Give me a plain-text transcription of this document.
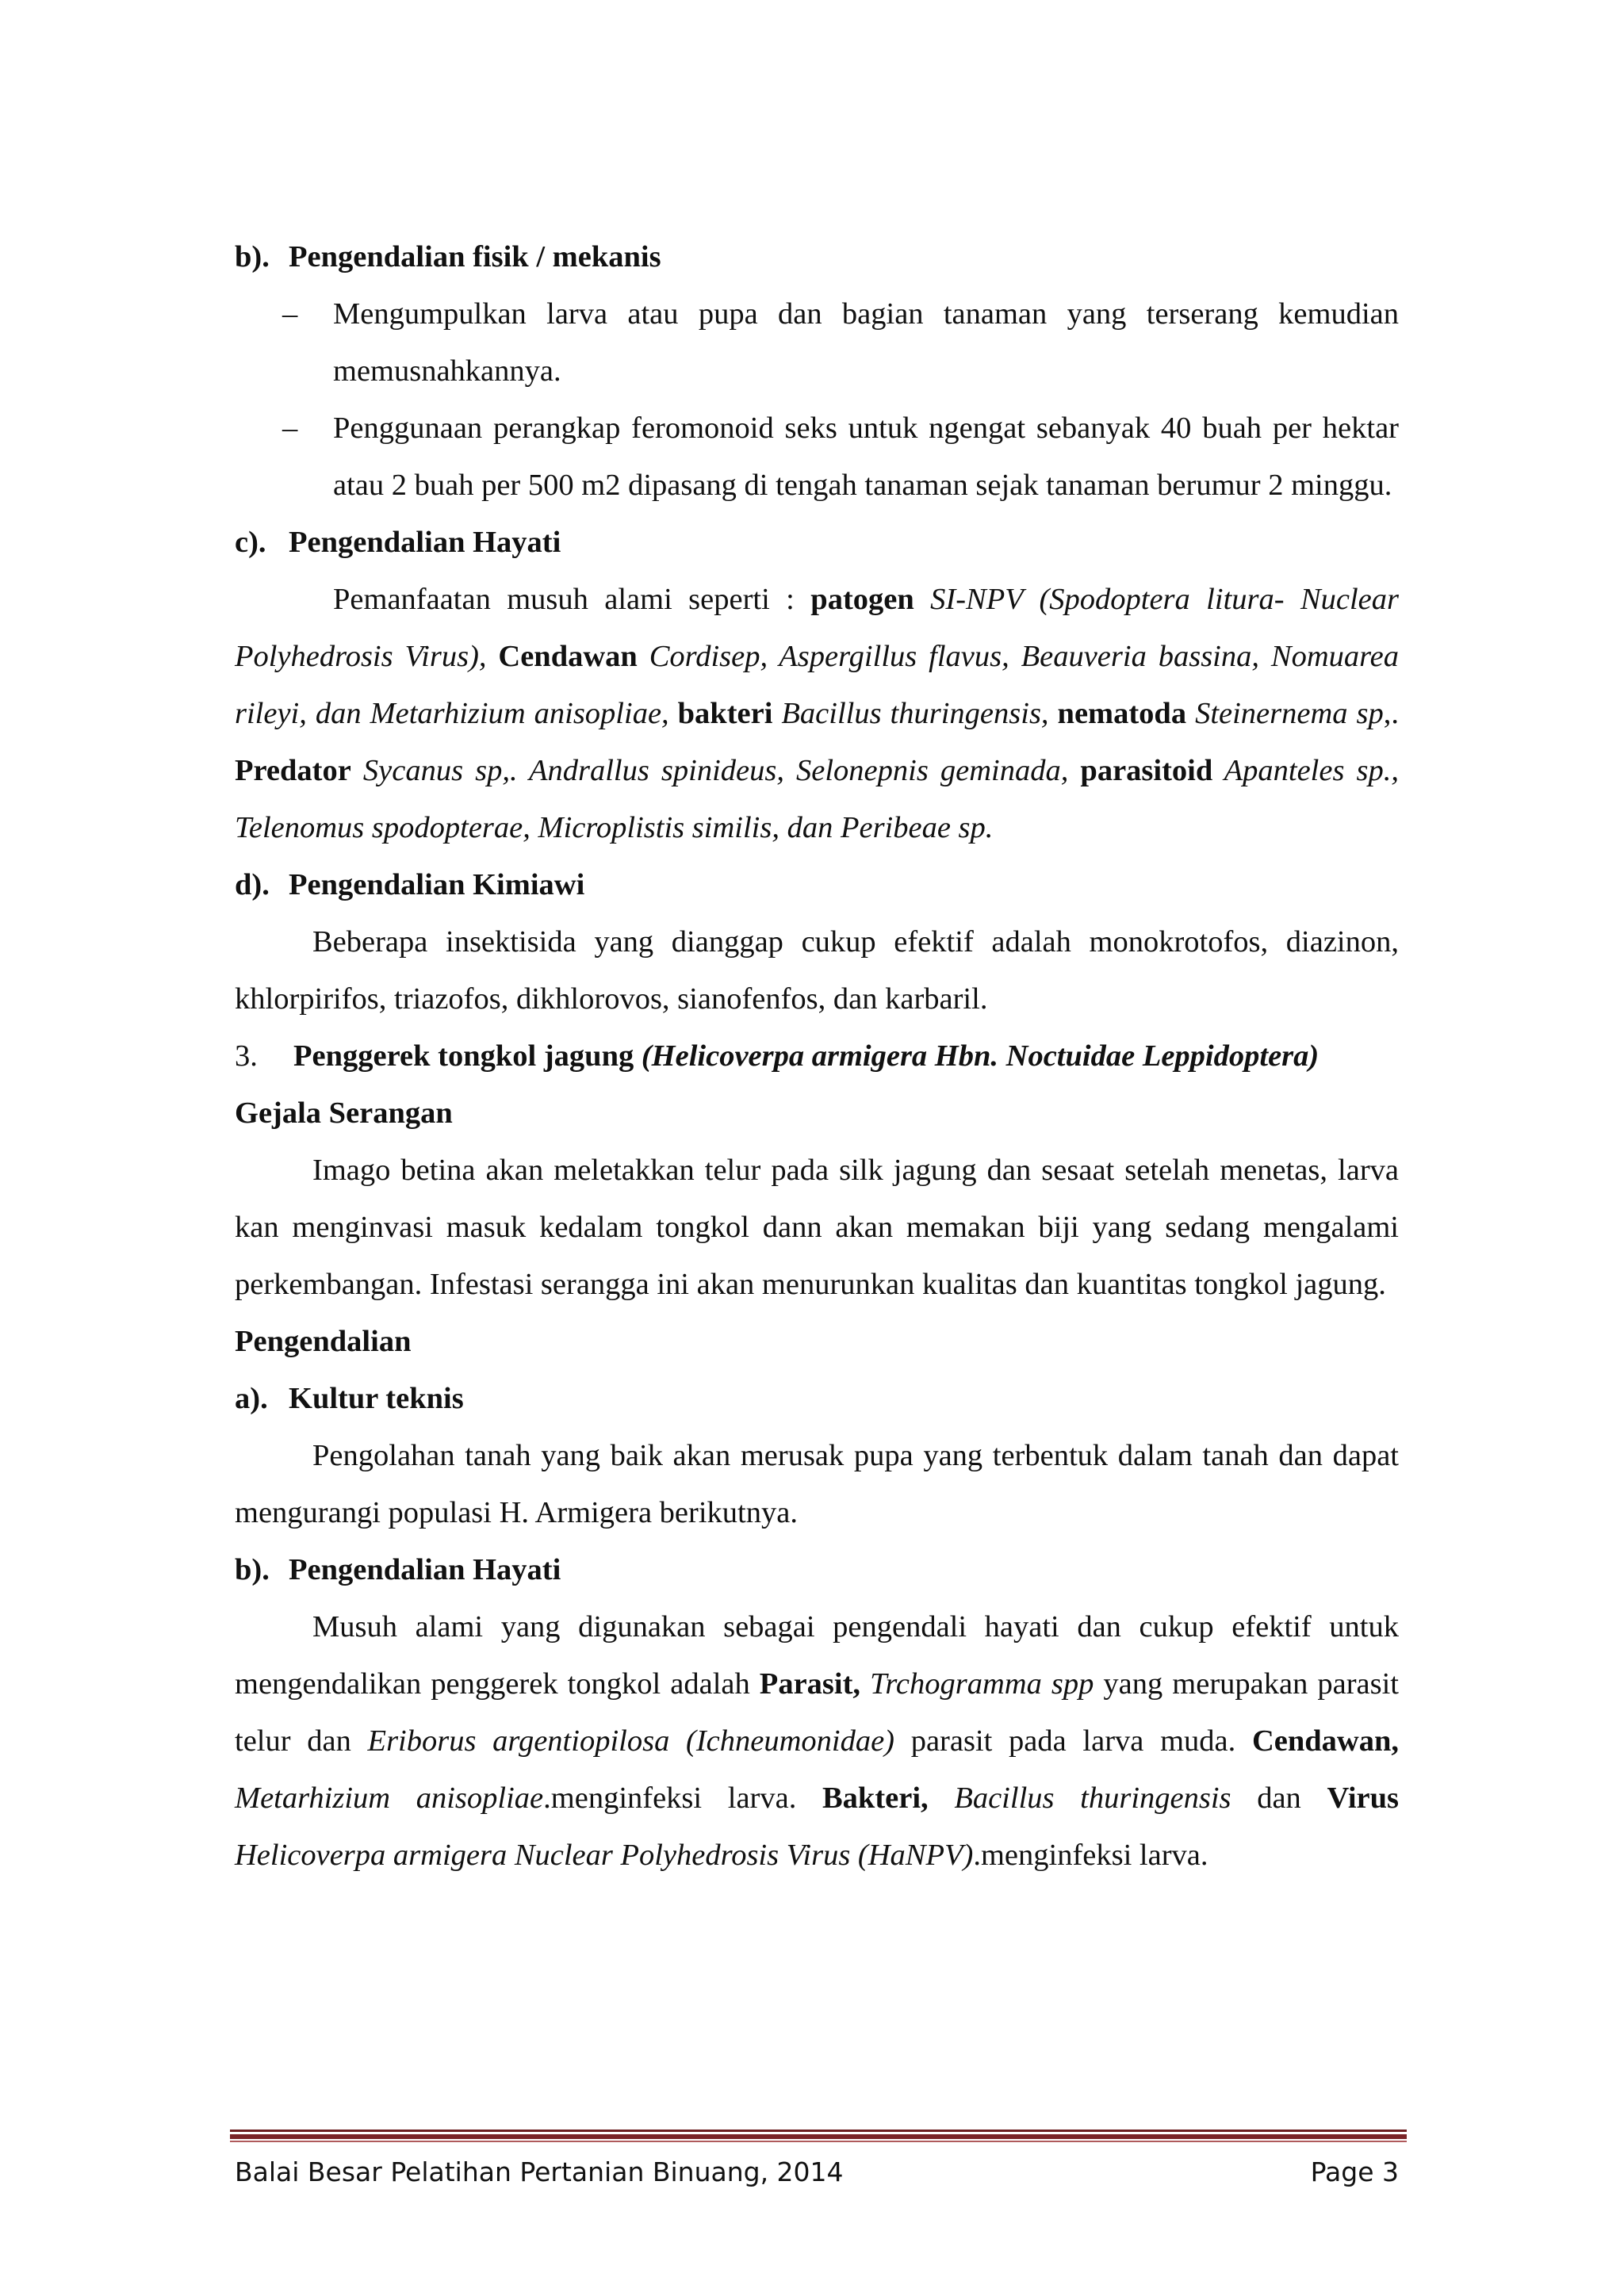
b). Pengendalian fisik / mekanis

– Mengumpulkan larva atau pupa dan bagian tanaman yang terserang kemudian memusnahkannya.
– Penggunaan perangkap feromonoid seks untuk ngengat sebanyak 40 buah per hektar atau 2 buah per 500 m2 dipasang di tengah tanaman sejak tanaman berumur 2 minggu.

c). Pengendalian Hayati

Pemanfaatan musuh alami seperti : patogen SI-NPV (Spodoptera litura- Nuclear Polyhedrosis Virus), Cendawan Cordisep, Aspergillus flavus, Beauveria bassina, Nomuarea rileyi, dan Metarhizium anisopliae, bakteri Bacillus thuringensis, nematoda Steinernema sp,. Predator Sycanus sp,. Andrallus spinideus, Selonepnis geminada, parasitoid Apanteles sp., Telenomus spodopterae, Microplistis similis, dan Peribeae sp.

d). Pengendalian Kimiawi

Beberapa insektisida yang dianggap cukup efektif adalah monokrotofos, diazinon, khlorpirifos, triazofos, dikhlorovos, sianofenfos, dan karbaril.

3. Penggerek tongkol jagung (Helicoverpa armigera Hbn. Noctuidae Leppidoptera)

Gejala Serangan

Imago betina akan meletakkan telur pada silk jagung dan sesaat setelah menetas, larva kan menginvasi masuk kedalam tongkol dann akan memakan biji yang sedang mengalami perkembangan. Infestasi serangga ini akan menurunkan kualitas dan kuantitas tongkol jagung.

Pengendalian

a). Kultur teknis

Pengolahan tanah yang baik akan merusak pupa yang terbentuk dalam tanah dan dapat mengurangi populasi H. Armigera berikutnya.

b). Pengendalian Hayati

Musuh alami yang digunakan sebagai pengendali hayati dan cukup efektif untuk mengendalikan penggerek tongkol adalah Parasit, Trchogramma spp yang merupakan parasit telur dan Eriborus argentiopilosa (Ichneumonidae) parasit pada larva muda. Cendawan, Metarhizium anisopliae.menginfeksi larva. Bakteri, Bacillus thuringensis dan Virus Helicoverpa armigera Nuclear Polyhedrosis Virus (HaNPV).menginfeksi larva.

Balai Besar Pelatihan Pertanian Binuang, 2014	Page 3
